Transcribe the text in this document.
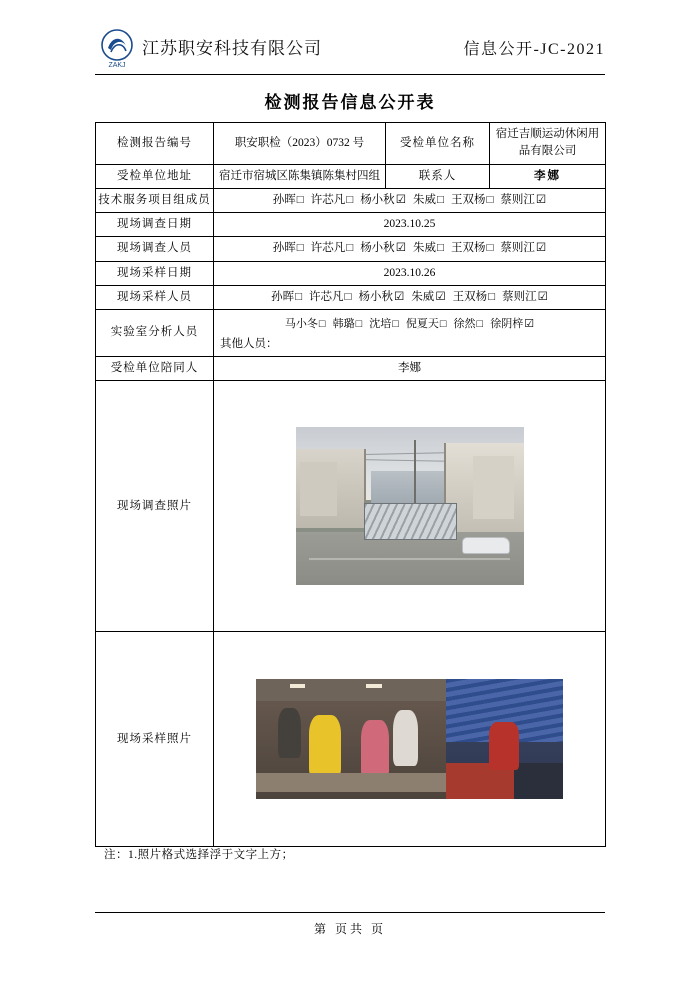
ZAKJ
江苏职安科技有限公司	信息公开-JC-2021
检测报告信息公开表
检测报告编号	职安职检（2023）0732 号	受检单位名称	宿迁吉顺运动休闲用品有限公司
受检单位地址	宿迁市宿城区陈集镇陈集村四组	联系人	李娜
技术服务项目组成员	孙晖□ 许芯凡□ 杨小秋☑ 朱威□ 王双杨□ 蔡则江☑		
现场调查日期	2023.10.25		
现场调查人员	孙晖□ 许芯凡□ 杨小秋☑ 朱威□ 王双杨□ 蔡则江☑		
现场采样日期	2023.10.26		
现场采样人员	孙晖□ 许芯凡□ 杨小秋☑ 朱威☑ 王双杨□ 蔡则江☑		
实验室分析人员	马小冬□ 韩璐□ 沈培□ 倪夏天□ 徐然□ 徐阴梓☑
其他人员：		

受检单位陪同人	李娜		
现场调查照片			

现场采样照片			
注：1.照片格式选择浮于文字上方；
第 页共 页
